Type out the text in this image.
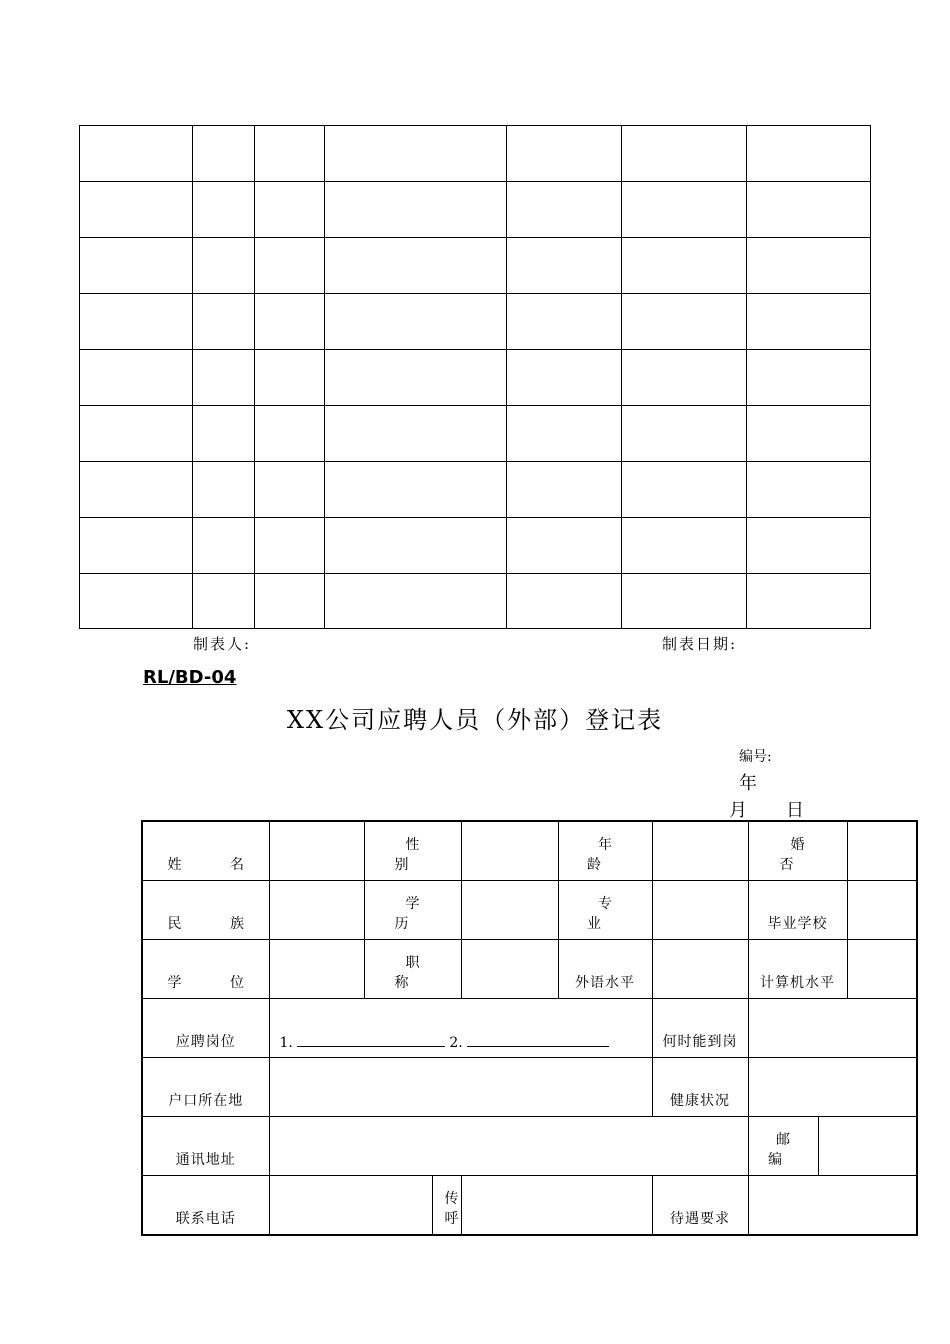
制表人:	制表日期:
RL/BD-04
XX公司应聘人员（外部）登记表
编号:
年
月 日
姓 名		性 别			年 龄		婚 否		
民 族		学 历			专 业		毕业学校		
学 位		职 称			外语水平		计算机水平		
应聘岗位	1. 2.					何时能到岗			
户口所在地						健康状况			
通讯地址							邮 编		
联系电话			传呼			待遇要求			
